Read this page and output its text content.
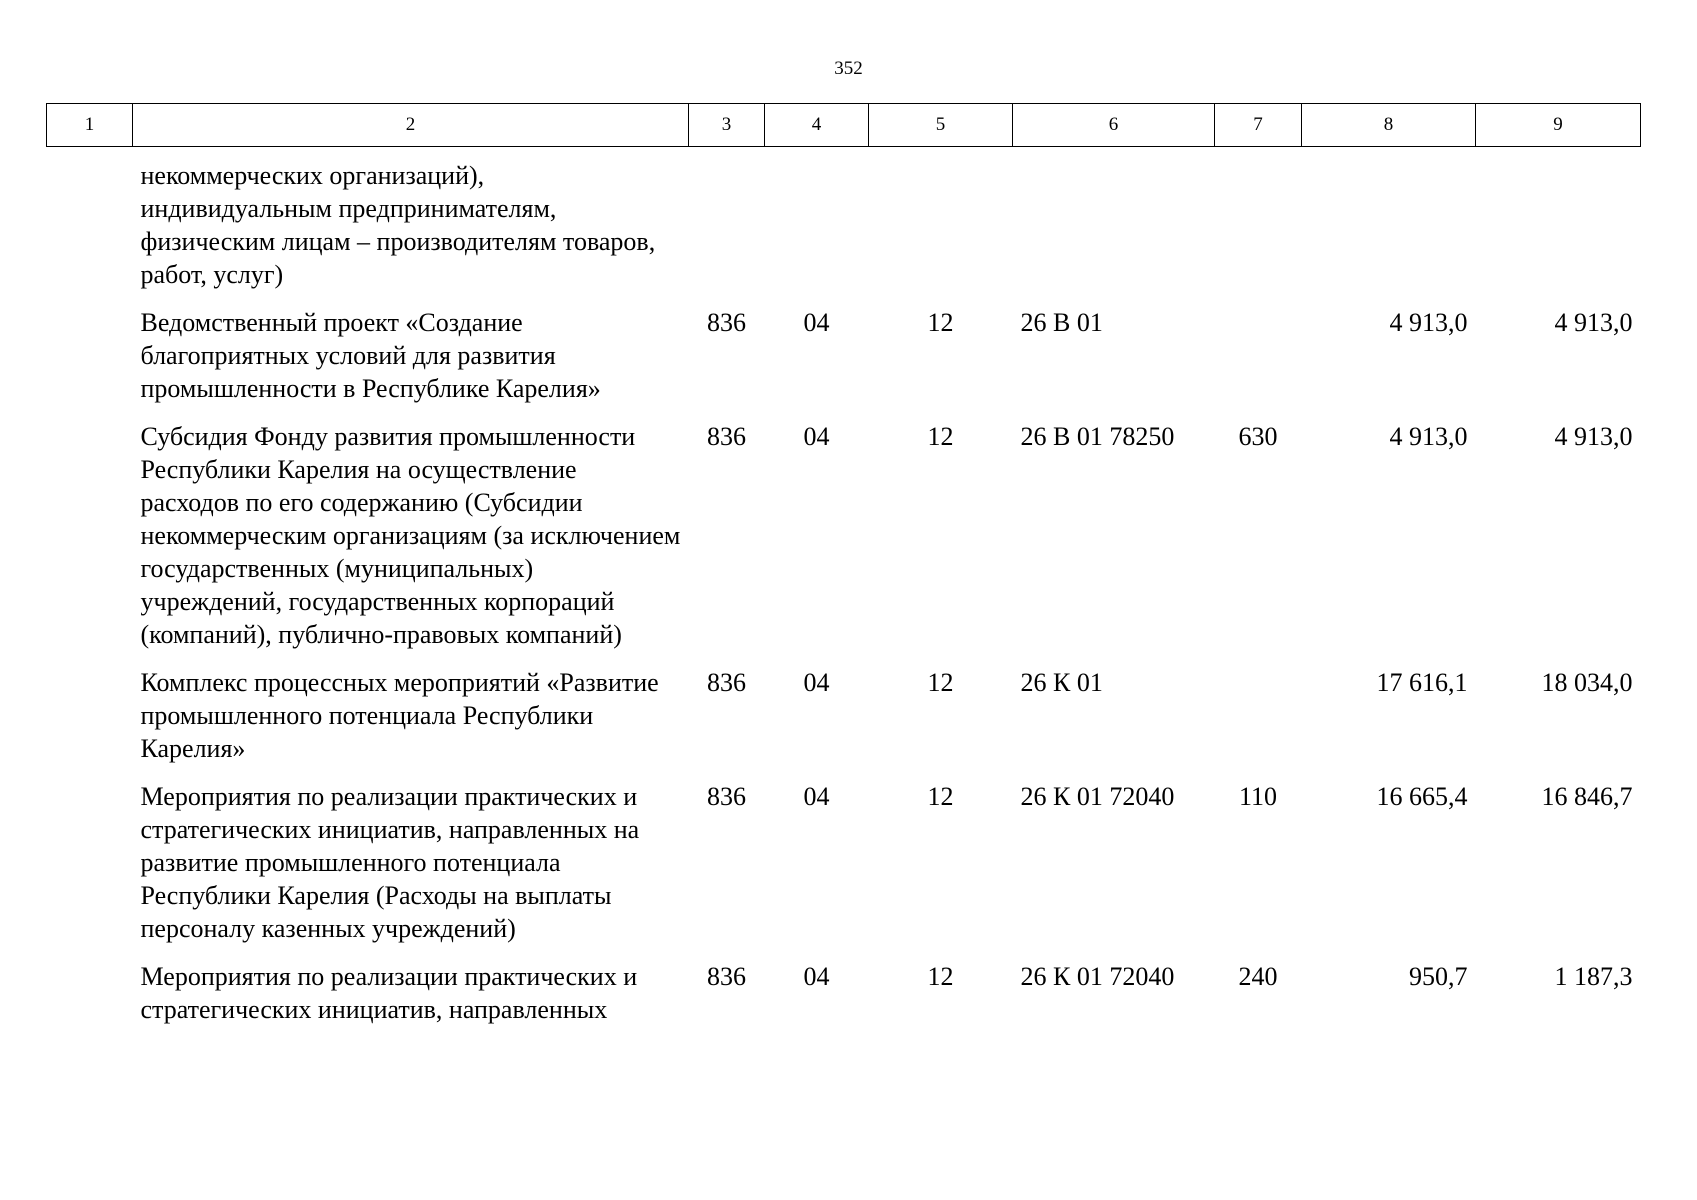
352
1	2	3	4	5	6	7	8	9
	некоммерческих организаций), индивидуальным предпринимателям, физическим лицам – производителям товаров, работ, услуг)							
	Ведомственный проект «Создание благоприятных условий для развития промышленности в Республике Карелия»	836	04	12	26 В 01		4 913,0	4 913,0
	Субсидия Фонду развития промышленности Республики Карелия на осуществление расходов по его содержанию (Субсидии некоммерческим организациям (за исключением государственных (муниципальных) учреждений, государственных корпораций (компаний), публично-правовых компаний)	836	04	12	26 В 01 78250	630	4 913,0	4 913,0
	Комплекс процессных мероприятий «Развитие промышленного потенциала Республики Карелия»	836	04	12	26 К 01		17 616,1	18 034,0
	Мероприятия по реализации практических и стратегических инициатив, направленных на развитие промышленного потенциала Республики Карелия (Расходы на выплаты персоналу казенных учреждений)	836	04	12	26 К 01 72040	110	16 665,4	16 846,7
	Мероприятия по реализации практических и стратегических инициатив, направленных	836	04	12	26 К 01 72040	240	950,7	1 187,3
